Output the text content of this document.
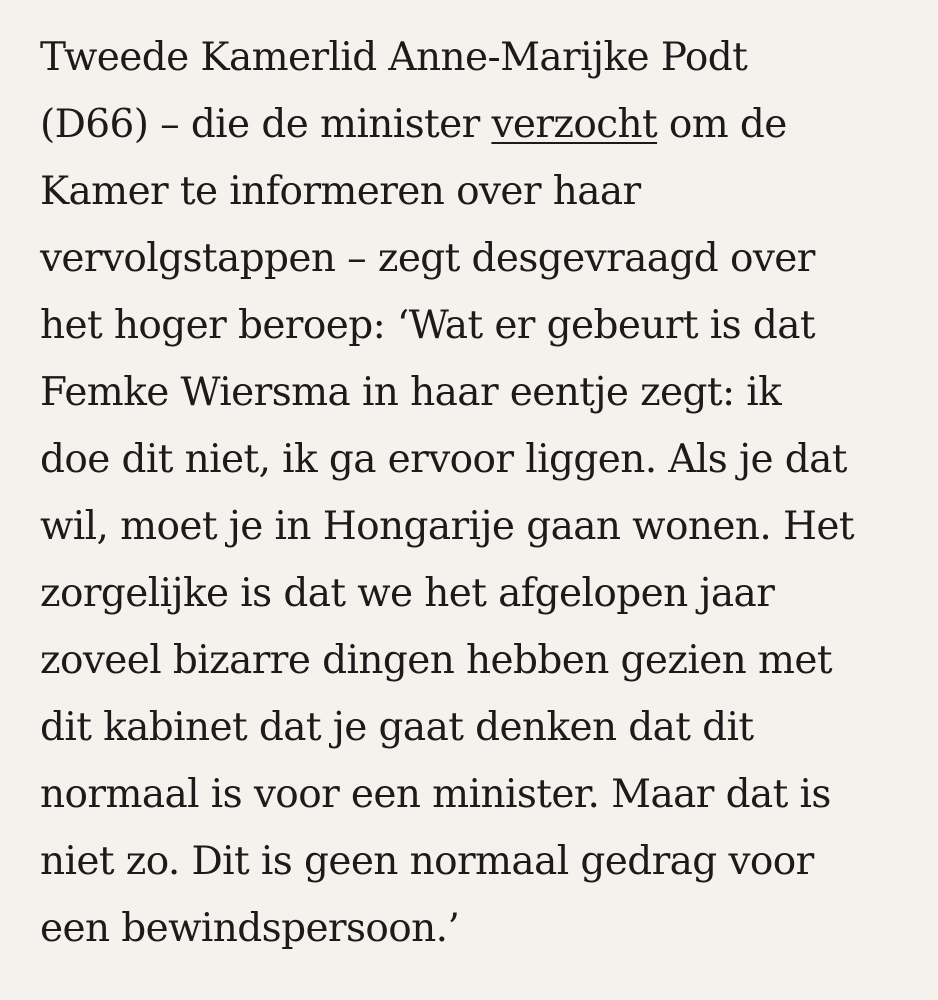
Tweede Kamerlid Anne-Marijke Podt
(D66) – die de minister verzocht om de
Kamer te informeren over haar
vervolgstappen – zegt desgevraagd over
het hoger beroep: ‘Wat er gebeurt is dat
Femke Wiersma in haar eentje zegt: ik
doe dit niet, ik ga ervoor liggen. Als je dat
wil, moet je in Hongarije gaan wonen. Het
zorgelijke is dat we het afgelopen jaar
zoveel bizarre dingen hebben gezien met
dit kabinet dat je gaat denken dat dit
normaal is voor een minister. Maar dat is
niet zo. Dit is geen normaal gedrag voor
een bewindspersoon.’
